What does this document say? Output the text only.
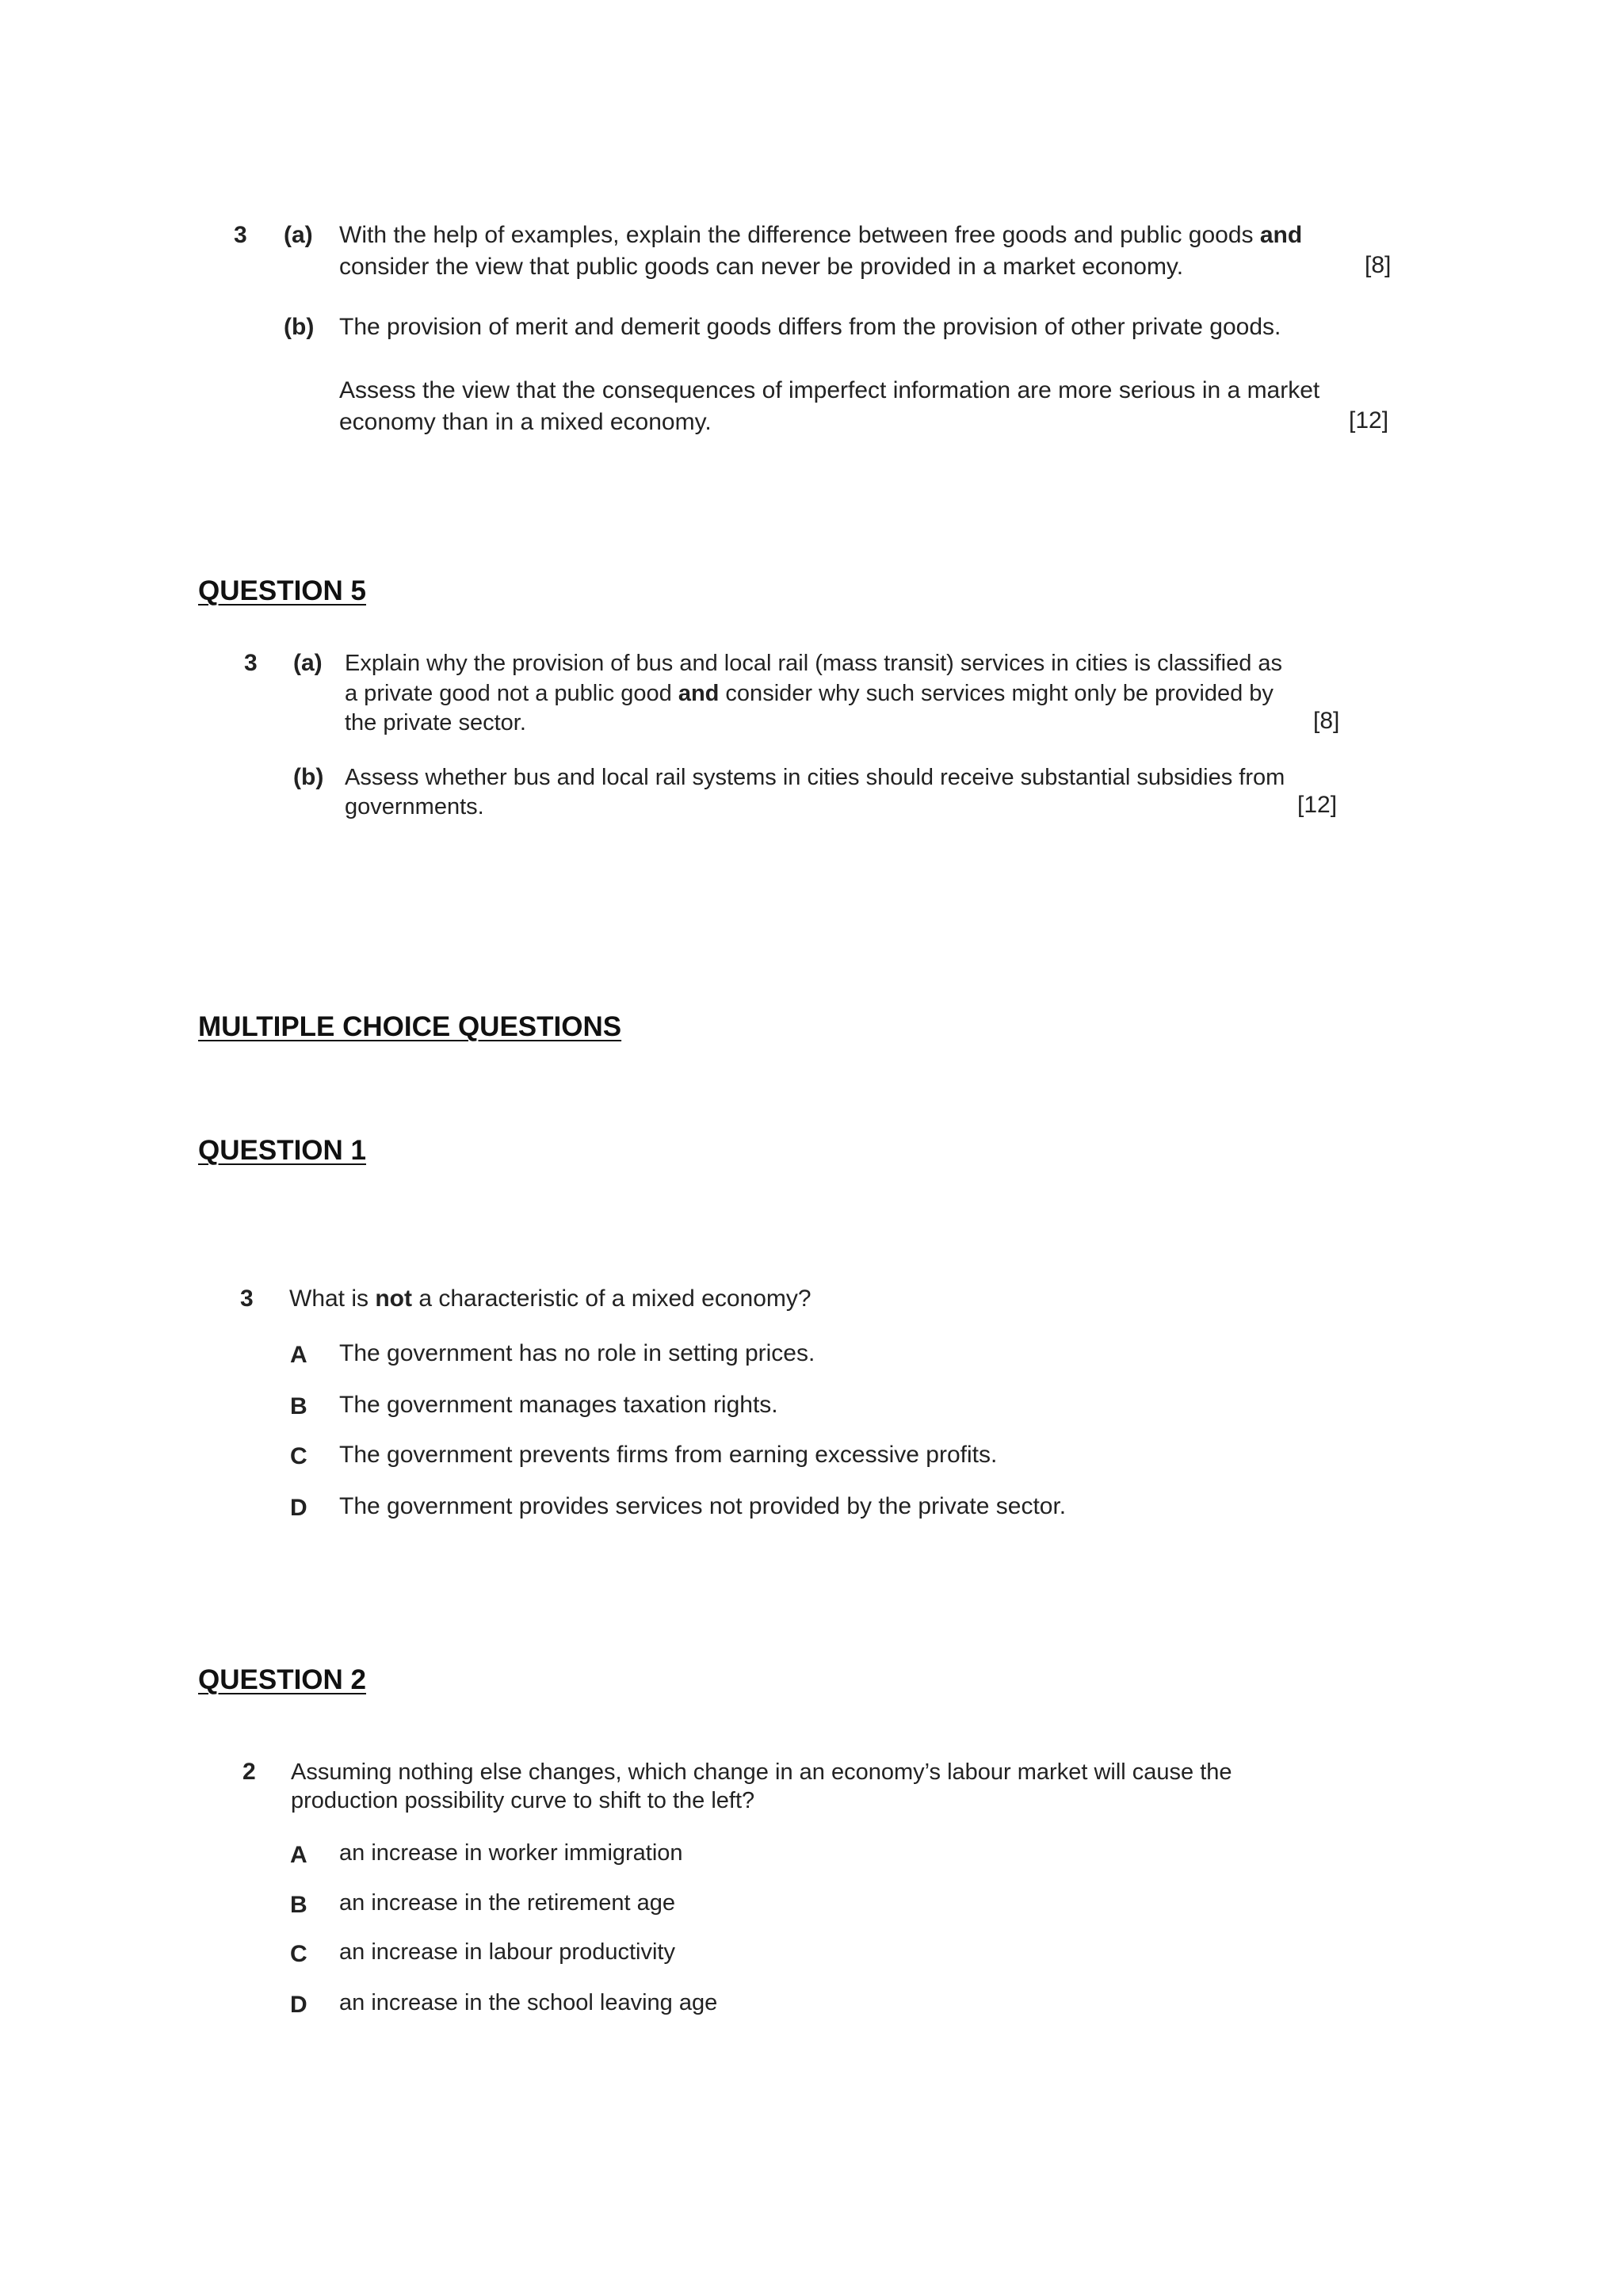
3 (a) With the help of examples, explain the difference between free goods and public goods and
consider the view that public goods can never be provided in a market economy.	[8]
(b) The provision of merit and demerit goods differs from the provision of other private goods.
Assess the view that the consequences of imperfect information are more serious in a market
economy than in a mixed economy.	[12]
QUESTION 5
3 (a) Explain why the provision of bus and local rail (mass transit) services in cities is classified as
a private good not a public good and consider why such services might only be provided by
the private sector.	[8]
(b) Assess whether bus and local rail systems in cities should receive substantial subsidies from
governments.	[12]
MULTIPLE CHOICE QUESTIONS
QUESTION 1
3 What is not a characteristic of a mixed economy?
A The government has no role in setting prices.
B The government manages taxation rights.
C The government prevents firms from earning excessive profits.
D The government provides services not provided by the private sector.
QUESTION 2
2 Assuming nothing else changes, which change in an economy’s labour market will cause the
production possibility curve to shift to the left?
A an increase in worker immigration
B an increase in the retirement age
C an increase in labour productivity
D an increase in the school leaving age
